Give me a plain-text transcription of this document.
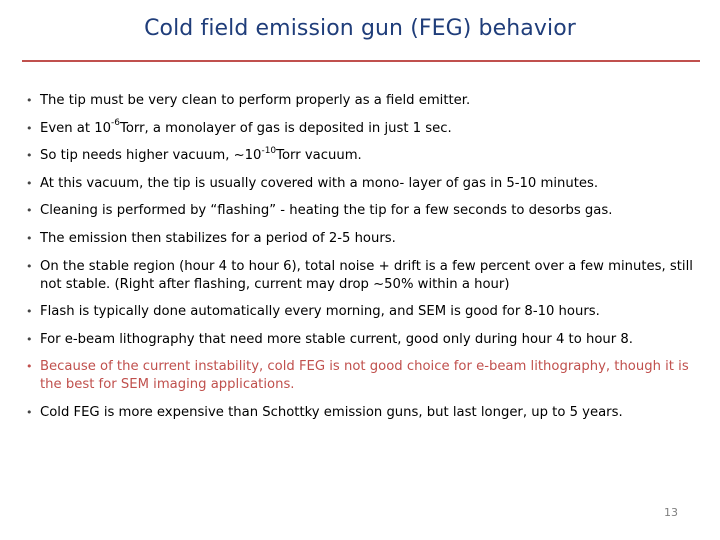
Cold field emission gun (FEG) behavior
• The tip must be very clean to perform properly as a field emitter.
• Even at $10^{-6}Torr$, a monolayer of gas is deposited in just 1 sec.
• So tip needs higher vacuum, $\sim 10^{-10}Torr$ vacuum.
• At this vacuum, the tip is usually covered with a mono- layer of gas in 5-10 minutes.
• Cleaning is performed by “flashing” - heating the tip for a few seconds to desorbs gas.
• The emission then stabilizes for a period of 2-5 hours.
• On the stable region (hour 4 to hour 6), total noise + drift is a few percent over a few minutes, still not stable. (Right after flashing, current may drop ~50% within a hour)
• Flash is typically done automatically every morning, and SEM is good for 8-10 hours.
• For e-beam lithography that need more stable current, good only during hour 4 to hour 8.
• Because of the current instability, cold FEG is not good choice for e-beam lithography, though it is the best for SEM imaging applications.
• Cold FEG is more expensive than Schottky emission guns, but last longer, up to 5 years.
13
